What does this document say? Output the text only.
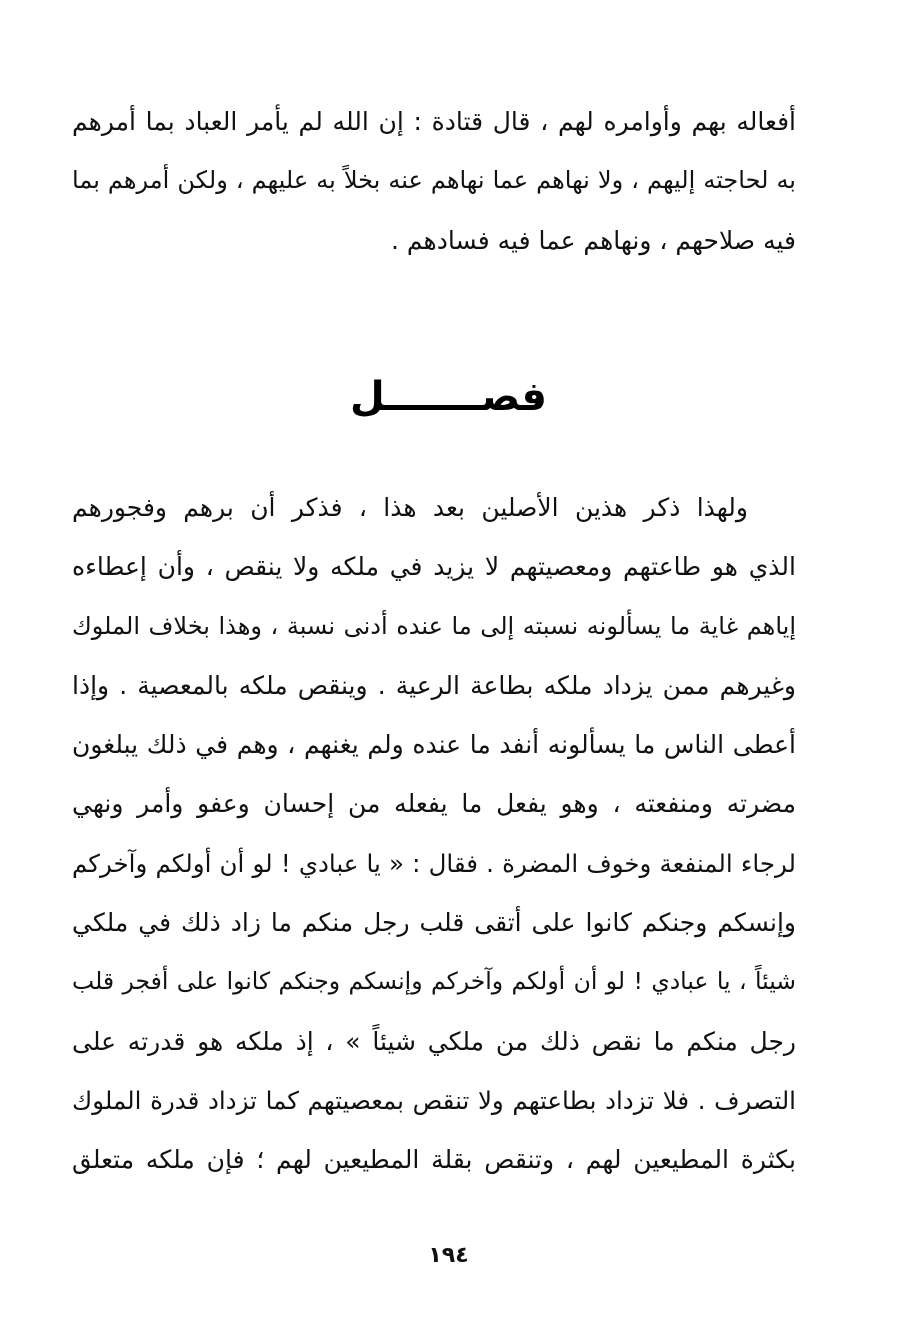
أفعاله بهم وأوامره لهم ، قال قتادة : إن الله لم يأمر العباد بما أمرهم
به لحاجته إليهم ، ولا نهاهم عما نهاهم عنه بخلاً به عليهم ، ولكن أمرهم بما
فيه صلاحهم ، ونهاهم عما فيه فسادهم .
فصـــــــل
ولهذا ذكر هذين الأصلين بعد هذا ، فذكر أن برهم وفجورهم
الذي هو طاعتهم ومعصيتهم لا يزيد في ملكه ولا ينقص ، وأن إعطاءه
إياهم غاية ما يسألونه نسبته إلى ما عنده أدنى نسبة ، وهذا بخلاف الملوك
وغيرهم ممن يزداد ملكه بطاعة الرعية . وينقص ملكه بالمعصية . وإذا
أعطى الناس ما يسألونه أنفد ما عنده ولم يغنهم ، وهم في ذلك يبلغون
مضرته ومنفعته ، وهو يفعل ما يفعله من إحسان وعفو وأمر ونهي
لرجاء المنفعة وخوف المضرة . فقال : « يا عبادي ! لو أن أولكم وآخركم
وإنسكم وجنكم كانوا على أتقى قلب رجل منكم ما زاد ذلك في ملكي
شيئاً ، يا عبادي ! لو أن أولكم وآخركم وإنسكم وجنكم كانوا على أفجر قلب
رجل منكم ما نقص ذلك من ملكي شيئاً » ، إذ ملكه هو قدرته على
التصرف . فلا تزداد بطاعتهم ولا تنقص بمعصيتهم كما تزداد قدرة الملوك
بكثرة المطيعين لهم ، وتنقص بقلة المطيعين لهم ؛ فإن ملكه متعلق
١٩٤
